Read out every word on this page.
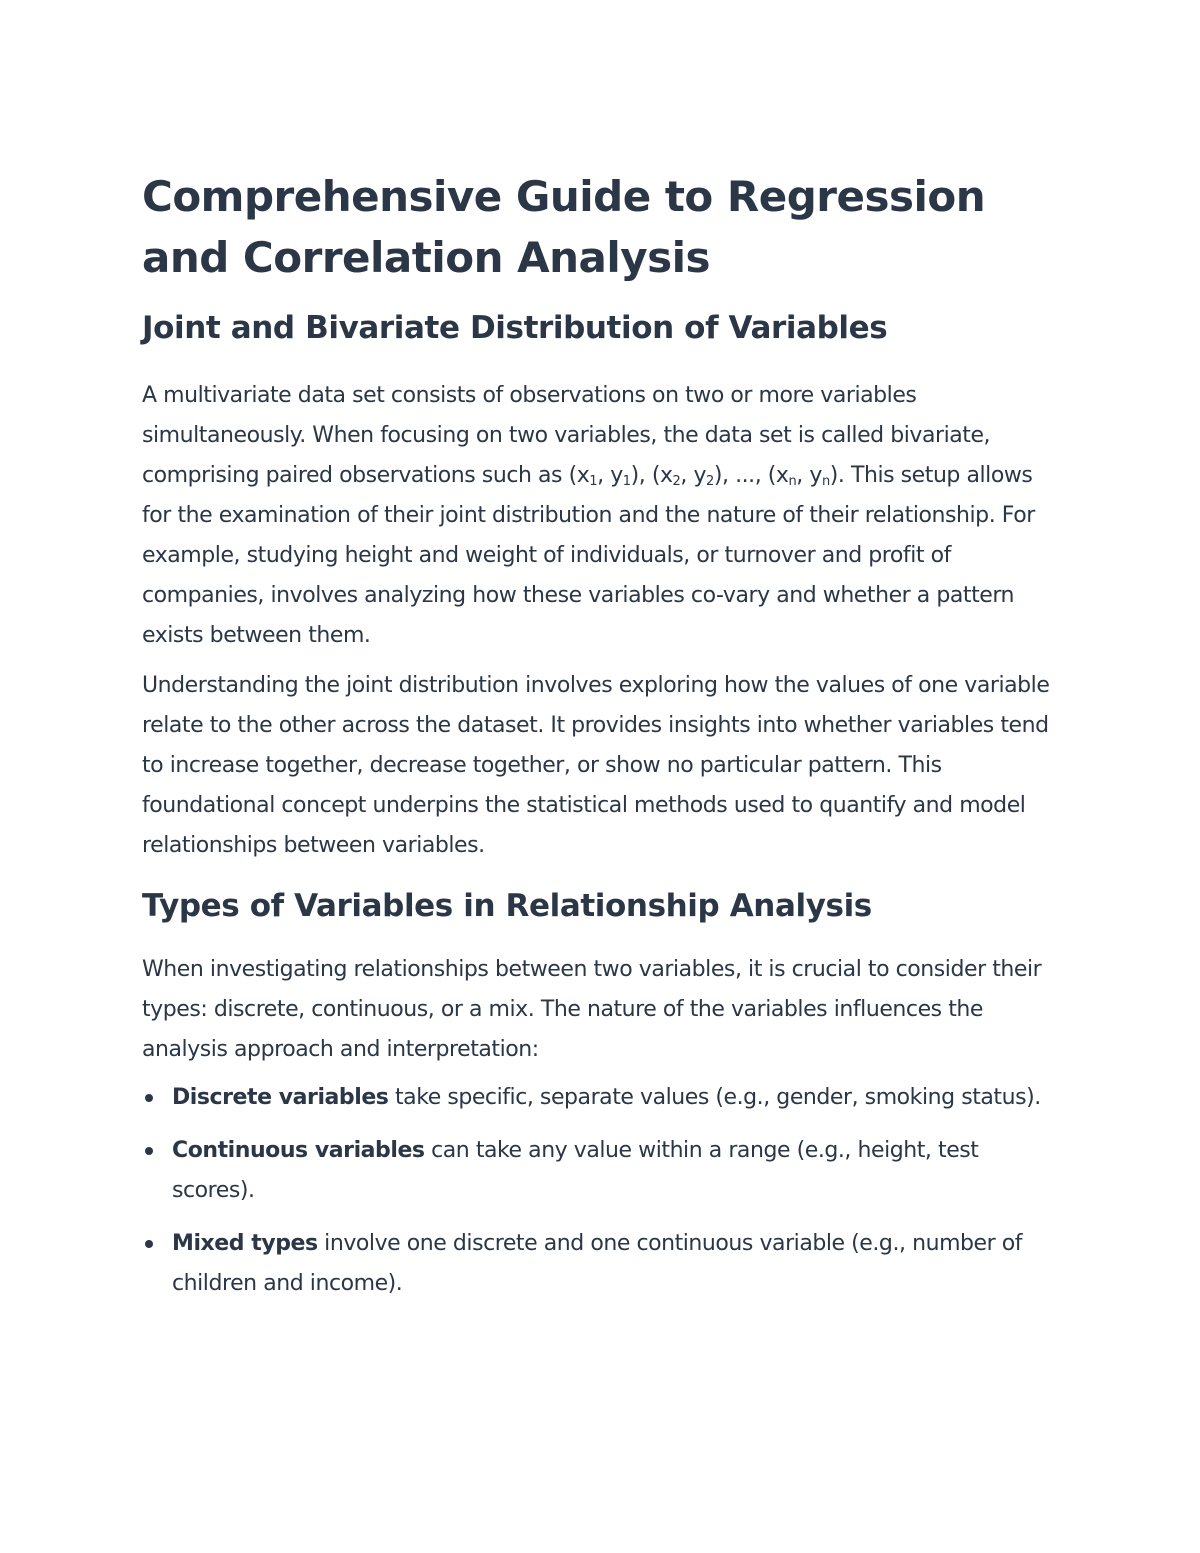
Comprehensive Guide to Regression and Correlation Analysis
Joint and Bivariate Distribution of Variables

A multivariate data set consists of observations on two or more variables simultaneously. When focusing on two variables, the data set is called bivariate, comprising paired observations such as ($x_1$, $y_1$), ($x_2$, $y_2$), ..., ($x_n$, $y_n$). This setup allows for the examination of their joint distribution and the nature of their relationship. For example, studying height and weight of individuals, or turnover and profit of companies, involves analyzing how these variables co-vary and whether a pattern exists between them.

Understanding the joint distribution involves exploring how the values of one variable relate to the other across the dataset. It provides insights into whether variables tend to increase together, decrease together, or show no particular pattern. This foundational concept underpins the statistical methods used to quantify and model relationships between variables.

Types of Variables in Relationship Analysis

When investigating relationships between two variables, it is crucial to consider their types: discrete, continuous, or a mix. The nature of the variables influences the analysis approach and interpretation:

Discrete variables take specific, separate values (e.g., gender, smoking status).
Continuous variables can take any value within a range (e.g., height, test scores).
Mixed types involve one discrete and one continuous variable (e.g., number of children and income).
